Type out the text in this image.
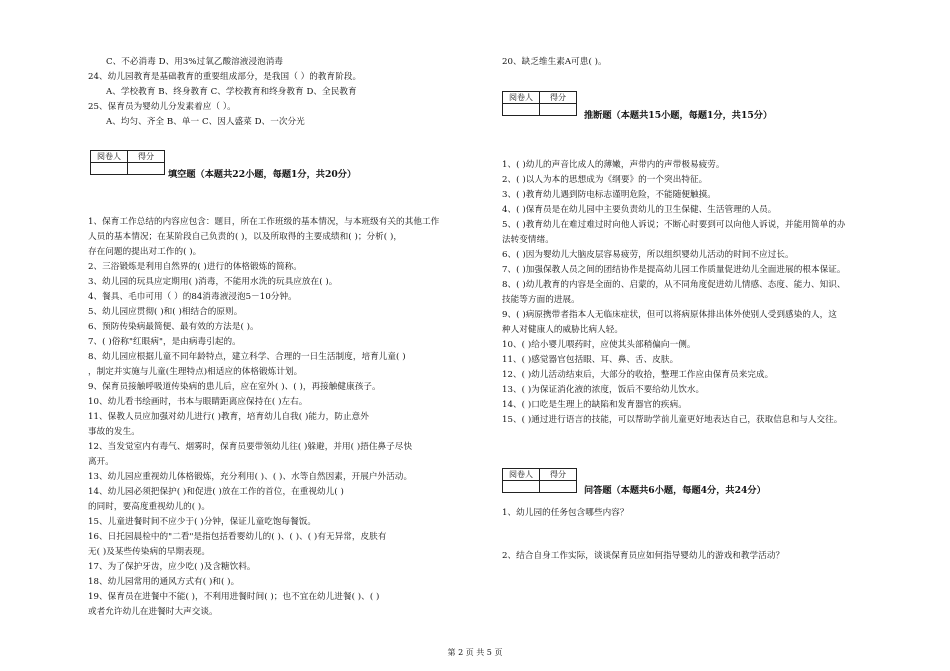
C、不必消毒 D、用3%过氧乙酸溶液浸泡消毒
24、幼儿园教育是基础教育的重要组成部分，是我国（ ）的教育阶段。
A、学校教育 B、终身教育 C、学校教育和终身教育 D、全民教育
25、保育员为婴幼儿分发素着应（ ）。
A、均匀、齐全 B、单一 C、因人盛菜 D、一次分光
阅卷人	得分

填空题（本题共22小题，每题1分，共20分）
1、保育工作总结的内容应包含：题目，所在工作班级的基本情况，与本班级有关的其他工作
人员的基本情况；在某阶段自己负责的( )，以及所取得的主要成绩和( )；分析( )，
存在问题的提出对工作的( )。
2、三浴锻炼是利用自然界的( )进行的体格锻炼的简称。
3、幼儿园的玩具应定期用( )消毒，不能用水洗的玩具应放在( )。
4、餐具、毛巾可用（ ）的84消毒液浸泡5－10分钟。
5、幼儿园应贯彻( )和( )相结合的原则。
6、预防传染病最简便、最有效的方法是( )。
7、( )俗称"红眼病"，是由病毒引起的。
8、幼儿园应根据儿童不同年龄特点，建立科学、合理的一日生活制度，培育儿童( )
，制定并实施与儿童(生理特点)相适应的体格锻炼计划。
9、保育员接触呼吸道传染病的患儿后，应在室外( )、( )，再接触健康孩子。
10、幼儿看书绘画时，书本与眼睛距离应保持在( )左右。
11、保教人员应加强对幼儿进行( )教育，培育幼儿自我( )能力，防止意外
事故的发生。
12、当发觉室内有毒气、烟雾时，保育员要带领幼儿往( )躲避，并用( )捂住鼻子尽快
离开。
13、幼儿园应重视幼儿体格锻炼，充分利用( )、( )、水等自然因素，开展户外活动。
14、幼儿园必须把保护( )和促进( )放在工作的首位，在重视幼儿( )
的同时，要高度重视幼儿的( )。
15、儿童进餐时间不应少于( )分钟，保证儿童吃饱每餐饭。
16、日托园晨检中的"二看"是指包括看婴幼儿的( )、( )、( )有无异常，皮肤有
无( )及某些传染病的早期表现。
17、为了保护牙齿，应少吃( )及含糖饮料。
18、幼儿园常用的通风方式有( )和( )。
19、保育员在进餐中不能( )，不利用进餐时间( )；也不宜在幼儿进餐( )、( )
或者允许幼儿在进餐时大声交谈。
20、缺乏维生素A可患( )。
阅卷人	得分

推断题（本题共15小题，每题1分，共15分）
1、( )幼儿的声音比成人的薄嫩，声带内的声带极易疲劳。
2、( )以人为本的思想成为《纲要》的一个突出特征。
3、( )教育幼儿遇到防电标志谨明危险，不能随便触摸。
4、( )保育员是在幼儿园中主要负责幼儿的卫生保健、生活管理的人员。
5、( )教育幼儿在难过难过时向他人诉说；不断心时要到可以向他人诉说，并能用简单的办
法转变情绪。
6、( )因为婴幼儿大脑皮层容易疲劳，所以组织婴幼儿活动的时间不应过长。
7、( )加强保教人员之间的团结协作是提高幼儿园工作质量促进幼儿全面进展的根本保证。
8、( )幼儿教育的内容是全面的、启蒙的，从不同角度促进幼儿情感、态度、能力、知识、
技能等方面的进展。
9、( )病原携带者指本人无临床症状，但可以将病原体排出体外使别人受到感染的人，这
种人对健康人的威胁比病人轻。
10、( )给小婴儿喂药时，应使其头部稍偏向一侧。
11、( )感觉器官包括眼、耳、鼻、舌、皮肤。
12、( )幼儿活动结束后，大部分的收拾，整理工作应由保育员来完成。
13、( )为保证消化液的浓度，饭后不要给幼儿饮水。
14、( )口吃是生理上的缺陷和发育器官的疾病。
15、( )通过进行语言的技能，可以帮助学前儿童更好地表达自己，获取信息和与人交往。
阅卷人	得分

问答题（本题共6小题，每题4分，共24分）
1、幼儿园的任务包含哪些内容？
2、结合自身工作实际，谈谈保育员应如何指导婴幼儿的游戏和教学活动？
第 2 页 共 5 页
